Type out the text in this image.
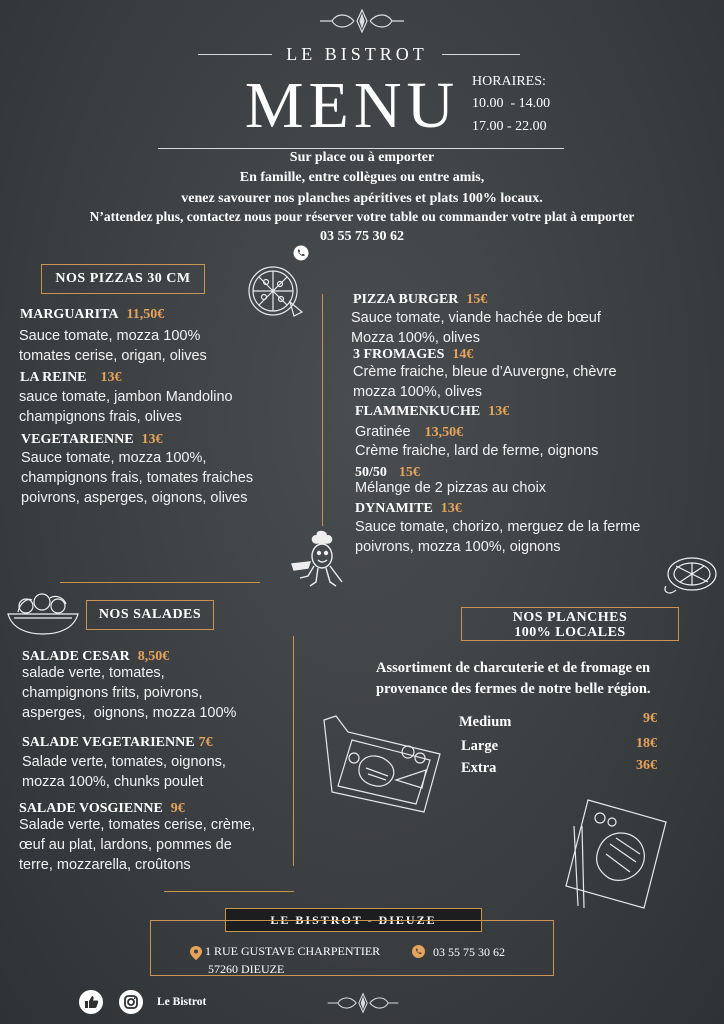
LE BISTROT
MENU HORAIRES:
10.00  - 14.00
17.00 - 22.00
Sur place ou à emporter
En famille, entre collègues ou entre amis,
venez savourer nos planches apéritives et plats 100% locaux.
N’attendez plus, contactez nous pour réserver votre table ou commander votre plat à emporter
03 55 75 30 62
NOS PIZZAS 30 CM
MARGUARITA 11,50€
Sauce tomate, mozza 100%
tomates cerise, origan, olives
LA REINE 13€
sauce tomate, jambon Mandolino
champignons frais, olives
VEGETARIENNE 13€
Sauce tomate, mozza 100%,
champignons frais, tomates fraiches
poivrons, asperges, oignons, olives
PIZZA BURGER 15€
Sauce tomate, viande hachée de bœuf
Mozza 100%, olives
3 FROMAGES 14€
Crème fraiche, bleue d’Auvergne, chèvre
mozza 100%, olives
FLAMMENKUCHE 13€
Gratinée 13,50€
Crème fraiche, lard de ferme, oignons
50/50 15€
Mélange de 2 pizzas au choix
DYNAMITE 13€
Sauce tomate, chorizo, merguez de la ferme
poivrons, mozza 100%, oignons
NOS SALADES
SALADE CESAR 8,50€
salade verte, tomates,
champignons frits, poivrons,
asperges,  oignons, mozza 100%
SALADE VEGETARIENNE 7€
Salade verte, tomates, oignons,
mozza 100%, chunks poulet
SALADE VOSGIENNE 9€
Salade verte, tomates cerise, crème,
œuf au plat, lardons, pommes de
terre, mozzarella, croûtons
NOS PLANCHES
100% LOCALES
Assortiment de charcuterie et de fromage en
provenance des fermes de notre belle région.
Medium	9€
Large	18€
Extra	36€
LE BISTROT - DIEUZE
1 RUE GUSTAVE CHARPENTIER
57260 DIEUZE
03 55 75 30 62
Le Bistrot
